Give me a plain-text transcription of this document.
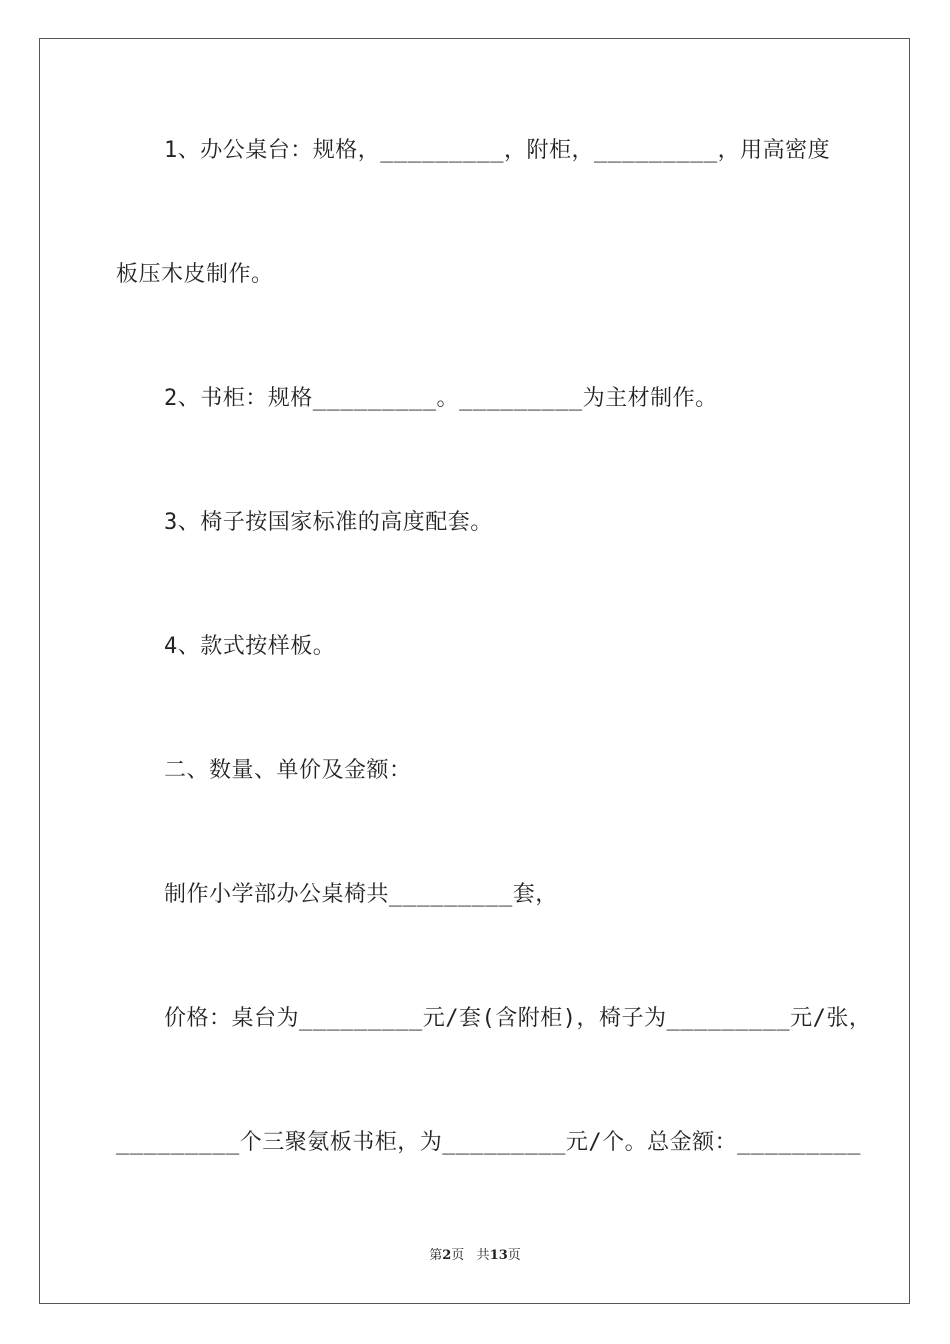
1、办公桌台：规格，_________，附柜，_________，用高密度
板压木皮制作。
2、书柜：规格_________。_________为主材制作。
3、椅子按国家标准的高度配套。
4、款式按样板。
二、数量、单价及金额：
制作小学部办公桌椅共_________套，
价格：桌台为_________元/套(含附柜)，椅子为_________元/张，
_________个三聚氨板书柜，为_________元/个。总金额：_________
第2页 共13页
